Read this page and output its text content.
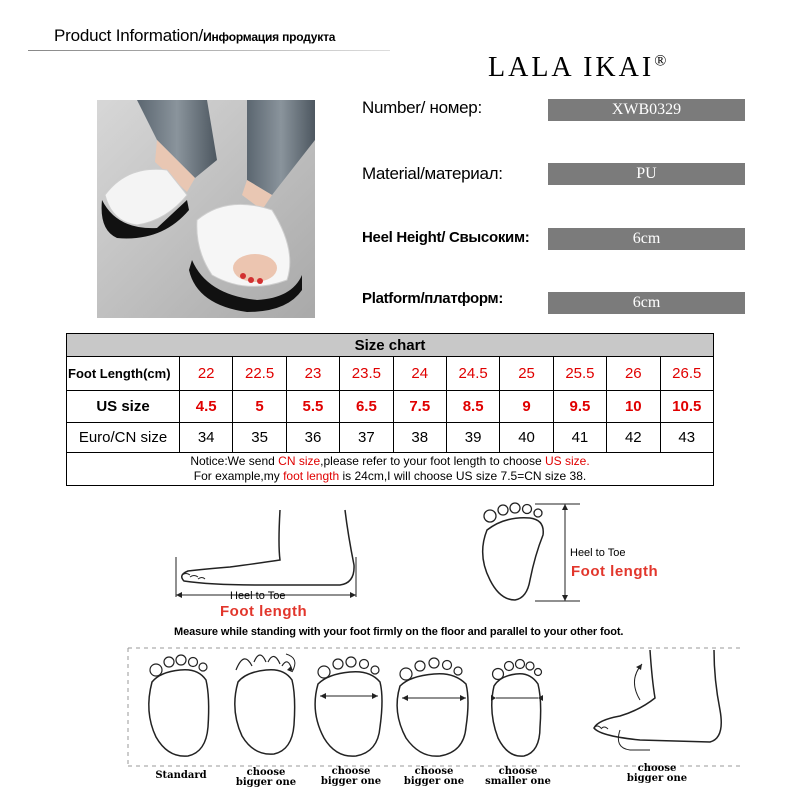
Product Information/Информация продукта
LALA IKAI®
Number/ номер:	XWB0329
Material/материал:	PU
Heel Height/ Свысоким:	6cm
Platform/платформ:	6cm
Size chart										
Foot Length(cm)	22	22.5	23	23.5	24	24.5	25	25.5	26	26.5
US size	4.5	5	5.5	6.5	7.5	8.5	9	9.5	10	10.5
Euro/CN size	34	35	36	37	38	39	40	41	42	43

Notice:We send CN size,please refer to your foot length to choose US size.
For example,my foot length is 24cm,I will choose US size 7.5=CN size 38.										
Heel to Toe
Foot length
Heel to Toe
Foot length
Measure while standing with your foot firmly on the floor and parallel to your other foot.
Standard	choose
bigger one
choose
bigger one
choose
bigger one
choose
smaller one
choose
bigger one
